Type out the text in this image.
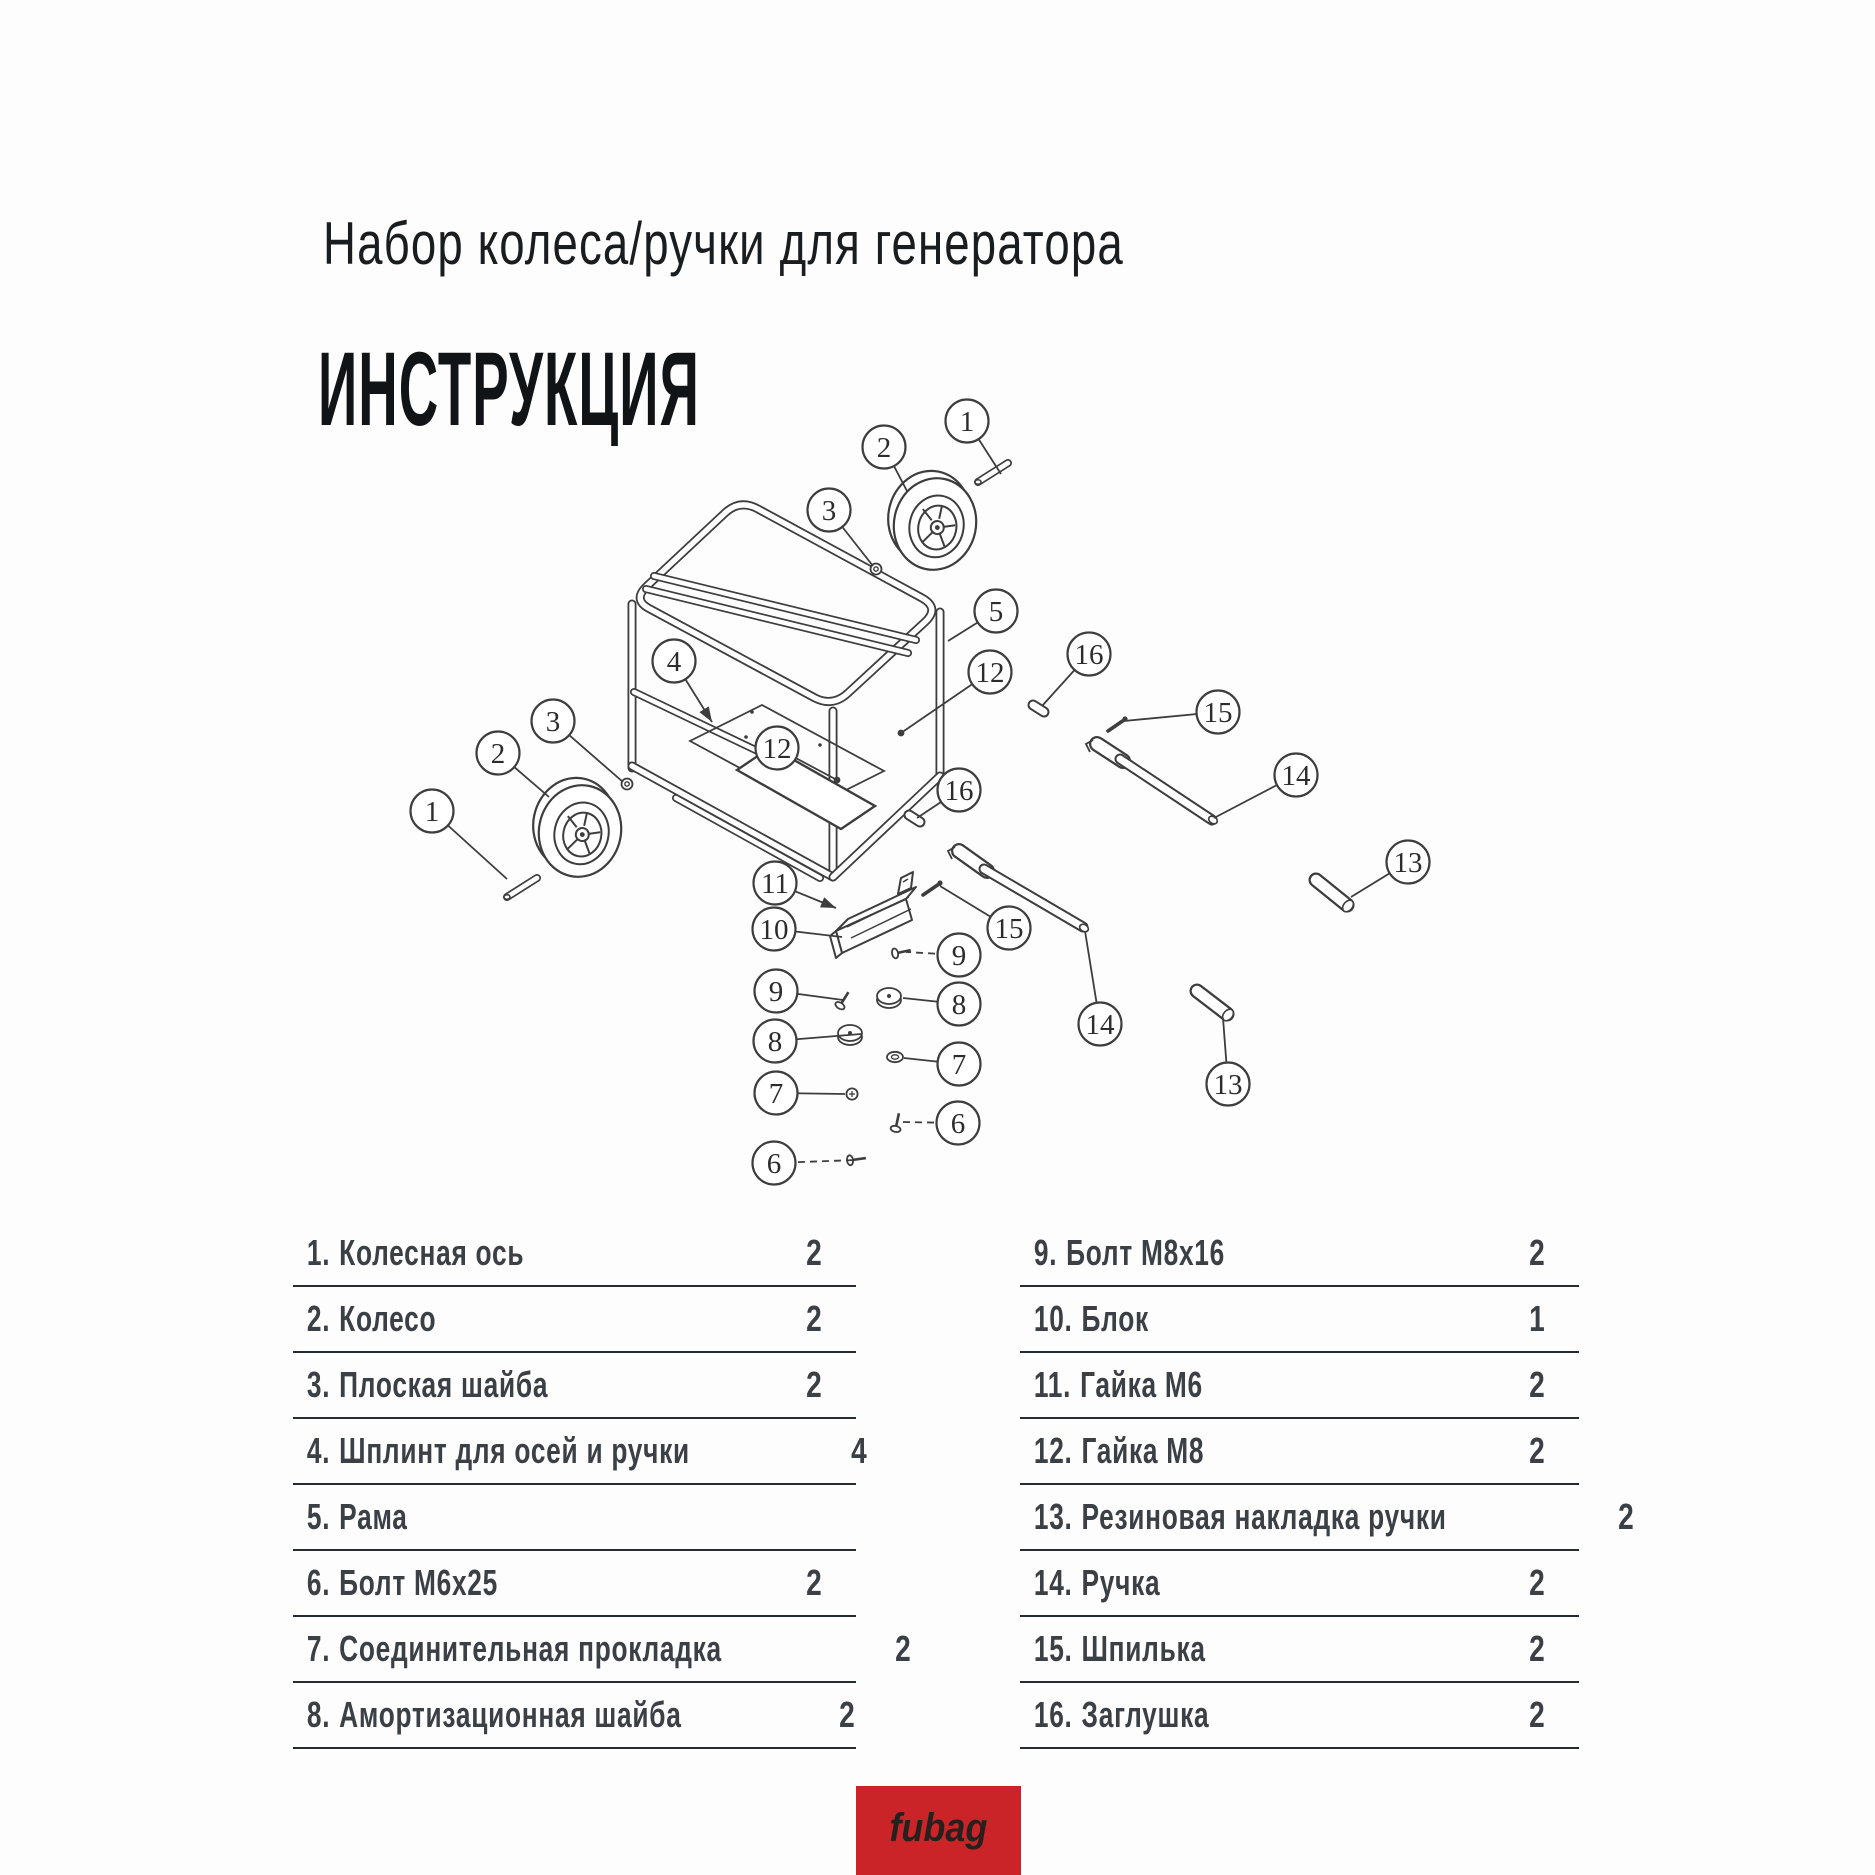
Набор колеса/ручки для генератора
ИНСТРУКЦИЯ	1
2
3
5
4	16
12
15
14
3
2	12
16
1
13
11
10	15
9
9	8
14
8
7
13
7
6
6
1. Колесная ось	2
2. Колесо	2
3. Плоская шайба	2
4. Шплинт для осей и ручки	4
5. Рама
6. Болт М6х25	2
7. Соединительная прокладка	2
8. Амортизационная шайба	2
9. Болт М8х16	2
10. Блок	1
11. Гайка М6	2
12. Гайка М8	2
13. Резиновая накладка ручки	2
14. Ручка	2
15. Шпилька	2
16. Заглушка	2
fubag
